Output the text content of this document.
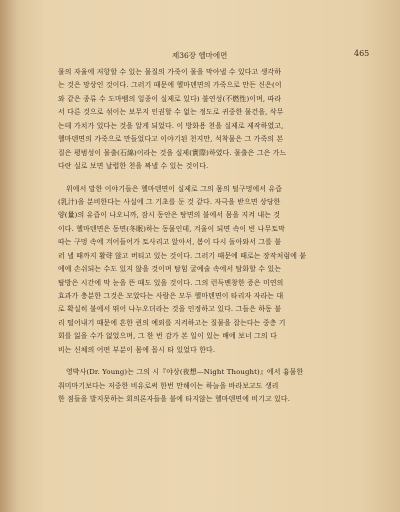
제36장 헬마에면	465
물의 자율에 저항할 수 있는 물질의 가죽이 물을 막아낼 수 있다고 생각하
는 것은 망상인 것이다. 그러기 때문에 헬마덴면의 가죽으로 만든 신은(이
와 같은 종류 수 도마뱀의 일종이 실제로 있다) 불연성(不燃性)이며, 따라
서 다른 것으로 섞이는 보무지 인권할 수 없는 정도로 귀중한 물건을, 삭무
는데 가치가 있다는 것을 알게 되었다. 이 방화용 천을 실제로 제작하였고,
헬마덴면의 가죽으로 만들었다고 이야기된 천지만, 석착물은 그 가죽의 본
질은 평범성이 물출(石綿)이라는 것을 실제(實際)하였다. 물출은 그은 가느
다란 실로 보면 날렵한 천을 짜낼 수 있는 것이다.
위에서 말한 이야기들은 헬마덴면이 실제로 그의 몸의 털구멍에서 유즙
(乳汁)을 분비한다는 사실에 그 기초를 둔 것 같다. 자극을 받으면 상당한
양(量)의 유즙이 나오니까, 잠시 동안은 탕면의 불에서 몸을 지켜 내는 것
이다. 헬마덴면은 동면(冬眠)하는 동물인데, 겨울이 되면 속이 빈 나무토막
따는 구멍 속에 겨어들어가 토사리고 앉아서, 봄이 다시 돌아와서 그를 불
러 낼 때까지 활략 않고 버티고 있는 것이다. 그러기 때문에 때로는 장작처럼에 붙
에에 손쉬되는 수도 있지 않을 것이며 탐힘 굴예술 속에서 탐화할 수 있는
탈방은 시간에 막 눈을 뜬 때도 있을 것이다. 그의 런득멘창한 증은 미연의
효과가 충분한 그것은 모았다는 사람은 모두 헬마덴면이 타리자 자라는 대
로 확실히 불에서 뛰어 나누오더라는 것을 인정하고 있다. 그들은 하동 불
리 떨어내기 때문에 흔한 퀸의 예외를 지켜하고는 질물을 잡는다는 중층 기
회를 잃을 수가 없었으며, 그 한 번 감가 본 일이 있는 배에 보너 그의 다
비는 신체의 어떤 부분이 몸에 몹시 타 있었다 한다.
영박사(Dr. Young)는 그의 시『야상(夜想—Night Thought)』에서 흉물한
취미마기보다는 저중한 비유로써 한번 만해이는 하늘을 바라보고도 생리
한 점들을 발지못하는 회의론자들을 불에 타지않는 헬마덴면에 비기고 있다.
